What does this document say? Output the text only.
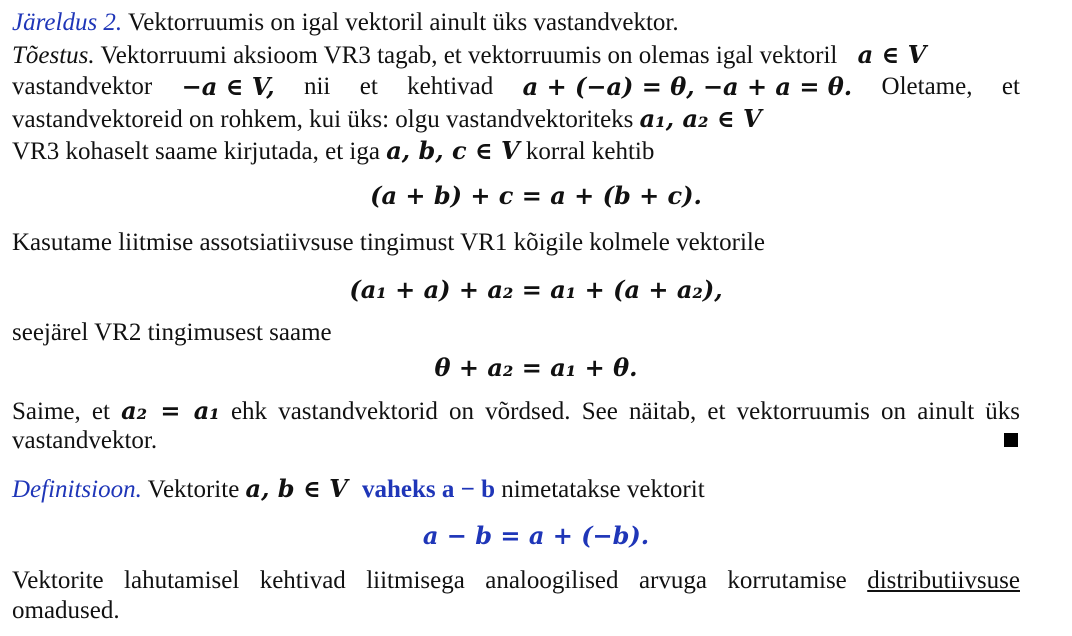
Järeldus 2. Vektorruumis on igal vektoril ainult üks vastandvektor.
Tõestus. Vektorruumi aksioom VR3 tagab, et vektorruumis on olemas igal vektoril a ∈ V
vastandvektor −a ∈ V, nii et kehtivad a + (−a) = θ, −a + a = θ. Oletame, et
vastandvektoreid on rohkem, kui üks: olgu vastandvektoriteks a₁, a₂ ∈ V
VR3 kohaselt saame kirjutada, et iga a, b, c ∈ V korral kehtib
(a + b) + c = a + (b + c).
Kasutame liitmise assotsiatiivsuse tingimust VR1 kõigile kolmele vektorile
(a₁ + a) + a₂ = a₁ + (a + a₂),
seejärel VR2 tingimusest saame
θ + a₂ = a₁ + θ.
Saime, et a₂ = a₁ ehk vastandvektorid on võrdsed. See näitab, et vektorruumis on ainult üks
vastandvektor.
Definitsioon. Vektorite a, b ∈ V vaheks a − b nimetatakse vektorit
a − b = a + (−b).
Vektorite lahutamisel kehtivad liitmisega analoogilised arvuga korrutamise distributiivsuse
omadused.
